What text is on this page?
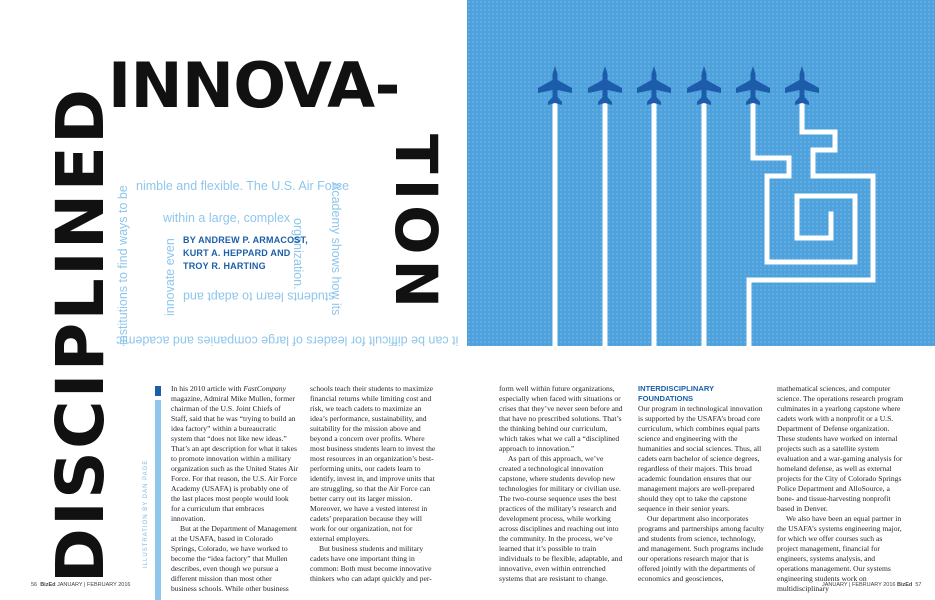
DISCIPLINED
INNOVA-
TION
nimble and flexible. The U.S. Air Force
Academy shows how its
it can be difficult for leaders of large companies and academic
institutions to find ways to be	within a large, complex organization.
students learn to adapt and
innovate even BY ANDREW P. ARMACOST,
KURT A. HEPPARD AND
TROY R. HARTING
ILLUSTRATION BY DAN PAGE

In his 2010 article with FastCompany magazine, Admiral Mike Mullen, former chairman of the U.S. Joint Chiefs of Staff, said that he was “trying to build an idea factory” within a bureaucratic system that “does not like new ideas.” That’s an apt description for what it takes to promote innovation within a military organization such as the United States Air Force. For that reason, the U.S. Air Force Academy (USAFA) is probably one of the last places most people would look for a curriculum that embraces innovation.

But at the Department of Management at the USAFA, based in Colorado Springs, Colorado, we have worked to become the “idea factory” that Mullen describes, even though we pursue a different mission than most other business schools. While other business

schools teach their students to maximize financial returns while limiting cost and risk, we teach cadets to maximize an idea’s performance, sustainability, and suitability for the mission above and beyond a concern over profits. Where most business students learn to invest the most resources in an organization’s best-performing units, our cadets learn to identify, invest in, and improve units that are struggling, so that the Air Force can better carry out its larger mission. Moreover, we have a vested interest in cadets’ preparation because they will work for our organization, not for external employers.

But business students and military cadets have one important thing in common: Both must become innovative thinkers who can adapt quickly and per-

form well within future organizations, especially when faced with situations or crises that they’ve never seen before and that have no prescribed solutions. That’s the thinking behind our curriculum, which takes what we call a “disciplined approach to innovation.”

As part of this approach, we’ve created a technological innovation capstone, where students develop new technologies for military or civilian use. The two-course sequence uses the best practices of the military’s research and development process, while working across disciplines and reaching out into the community. In the process, we’ve learned that it’s possible to train individuals to be flexible, adaptable, and innovative, even within entrenched systems that are resistant to change.

INTERDISCIPLINARY FOUNDATIONS

Our program in technological innovation is supported by the USAFA’s broad core curriculum, which combines equal parts science and engineering with the humanities and social sciences. Thus, all cadets earn bachelor of science degrees, regardless of their majors. This broad academic foundation ensures that our management majors are well-prepared should they opt to take the capstone sequence in their senior years.

Our department also incorporates programs and partnerships among faculty and students from science, technology, and management. Such programs include our operations research major that is offered jointly with the departments of economics and geosciences,

mathematical sciences, and computer science. The operations research program culminates in a yearlong capstone where cadets work with a nonprofit or a U.S. Department of Defense organization. These students have worked on internal projects such as a satellite system evaluation and a war-gaming analysis for homeland defense, as well as external projects for the City of Colorado Springs Police Department and AlloSource, a bone- and tissue-harvesting nonprofit based in Denver.

We also have been an equal partner in the USAFA’s systems engineering major, for which we offer courses such as project management, financial for engineers, systems analysis, and operations management. Our systems engineering students work on multidisciplinary

56 BizEd JANUARY | FEBRUARY 2016	JANUARY | FEBRUARY 2016 BizEd 57
